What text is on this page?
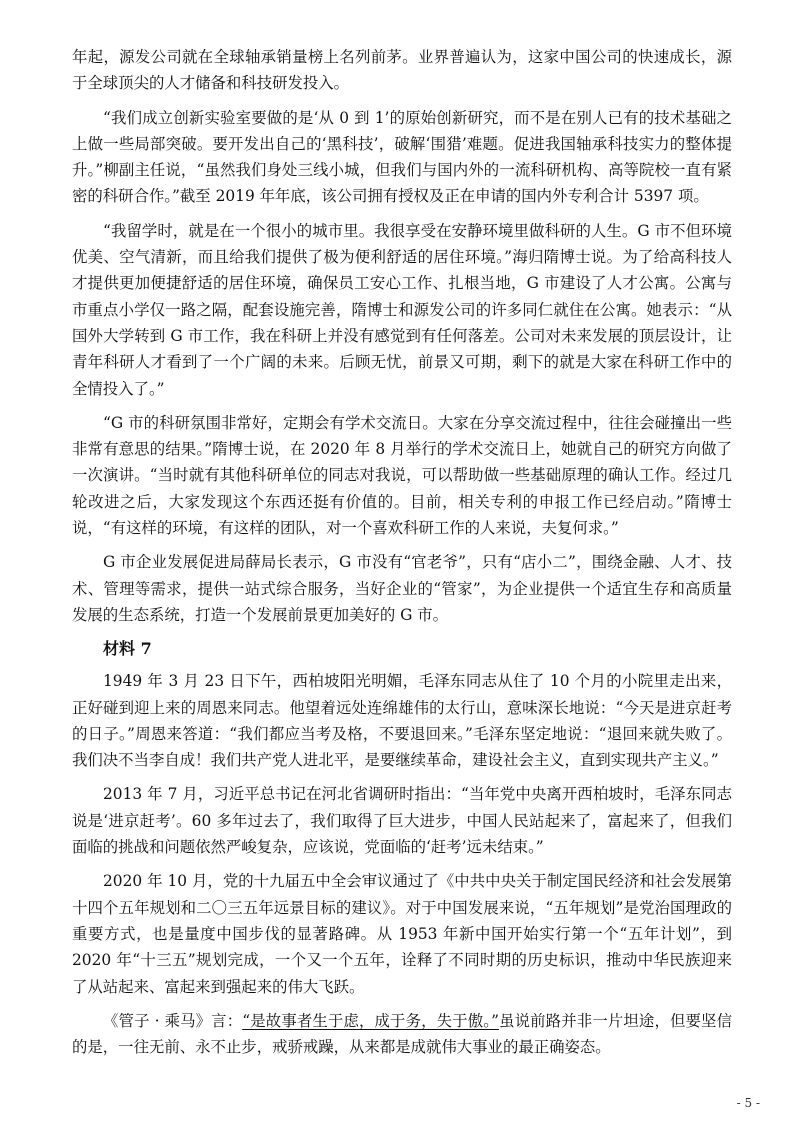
年起，源发公司就在全球轴承销量榜上名列前茅。业界普遍认为，这家中国公司的快速成长，源于全球顶尖的人才储备和科技研发投入。

“我们成立创新实验室要做的是‘从 0 到 1’的原始创新研究，而不是在别人已有的技术基础之上做一些局部突破。要开发出自己的‘黑科技’，破解‘围猎’难题。促进我国轴承科技实力的整体提升。”柳副主任说，“虽然我们身处三线小城，但我们与国内外的一流科研机构、高等院校一直有紧密的科研合作。”截至 2019 年年底，该公司拥有授权及正在申请的国内外专利合计 5397 项。

“我留学时，就是在一个很小的城市里。我很享受在安静环境里做科研的人生。G 市不但环境优美、空气清新，而且给我们提供了极为便利舒适的居住环境。”海归隋博士说。为了给高科技人才提供更加便捷舒适的居住环境，确保员工安心工作、扎根当地，G 市建设了人才公寓。公寓与市重点小学仅一路之隔，配套设施完善，隋博士和源发公司的许多同仁就住在公寓。她表示：“从国外大学转到 G 市工作，我在科研上并没有感觉到有任何落差。公司对未来发展的顶层设计，让青年科研人才看到了一个广阔的未来。后顾无忧，前景又可期，剩下的就是大家在科研工作中的全情投入了。”

“G 市的科研氛围非常好，定期会有学术交流日。大家在分享交流过程中，往往会碰撞出一些非常有意思的结果。”隋博士说，在 2020 年 8 月举行的学术交流日上，她就自己的研究方向做了一次演讲。“当时就有其他科研单位的同志对我说，可以帮助做一些基础原理的确认工作。经过几轮改进之后，大家发现这个东西还挺有价值的。目前，相关专利的申报工作已经启动。”隋博士说，“有这样的环境，有这样的团队，对一个喜欢科研工作的人来说，夫复何求。”

G 市企业发展促进局薛局长表示，G 市没有“官老爷”，只有“店小二”，围绕金融、人才、技术、管理等需求，提供一站式综合服务，当好企业的“管家”，为企业提供一个适宜生存和高质量发展的生态系统，打造一个发展前景更加美好的 G 市。

材料 7

1949 年 3 月 23 日下午，西柏坡阳光明媚，毛泽东同志从住了 10 个月的小院里走出来，正好碰到迎上来的周恩来同志。他望着远处连绵雄伟的太行山，意味深长地说：“今天是进京赶考的日子。”周恩来答道：“我们都应当考及格，不要退回来。”毛泽东坚定地说：“退回来就失败了。我们决不当李自成！我们共产党人进北平，是要继续革命，建设社会主义，直到实现共产主义。”

2013 年 7 月，习近平总书记在河北省调研时指出：“当年党中央离开西柏坡时，毛泽东同志说是‘进京赶考’。60 多年过去了，我们取得了巨大进步，中国人民站起来了，富起来了，但我们面临的挑战和问题依然严峻复杂，应该说，党面临的‘赶考’远未结束。”

2020 年 10 月，党的十九届五中全会审议通过了《中共中央关于制定国民经济和社会发展第十四个五年规划和二〇三五年远景目标的建议》。对于中国发展来说，“五年规划”是党治国理政的重要方式，也是量度中国步伐的显著路碑。从 1953 年新中国开始实行第一个“五年计划”，到 2020 年“十三五”规划完成，一个又一个五年，诠释了不同时期的历史标识，推动中华民族迎来了从站起来、富起来到强起来的伟大飞跃。

《管子 · 乘马》言：“是故事者生于虑，成于务，失于傲。”虽说前路并非一片坦途，但要坚信的是，一往无前、永不止步，戒骄戒躁，从来都是成就伟大事业的最正确姿态。

- 5 -
